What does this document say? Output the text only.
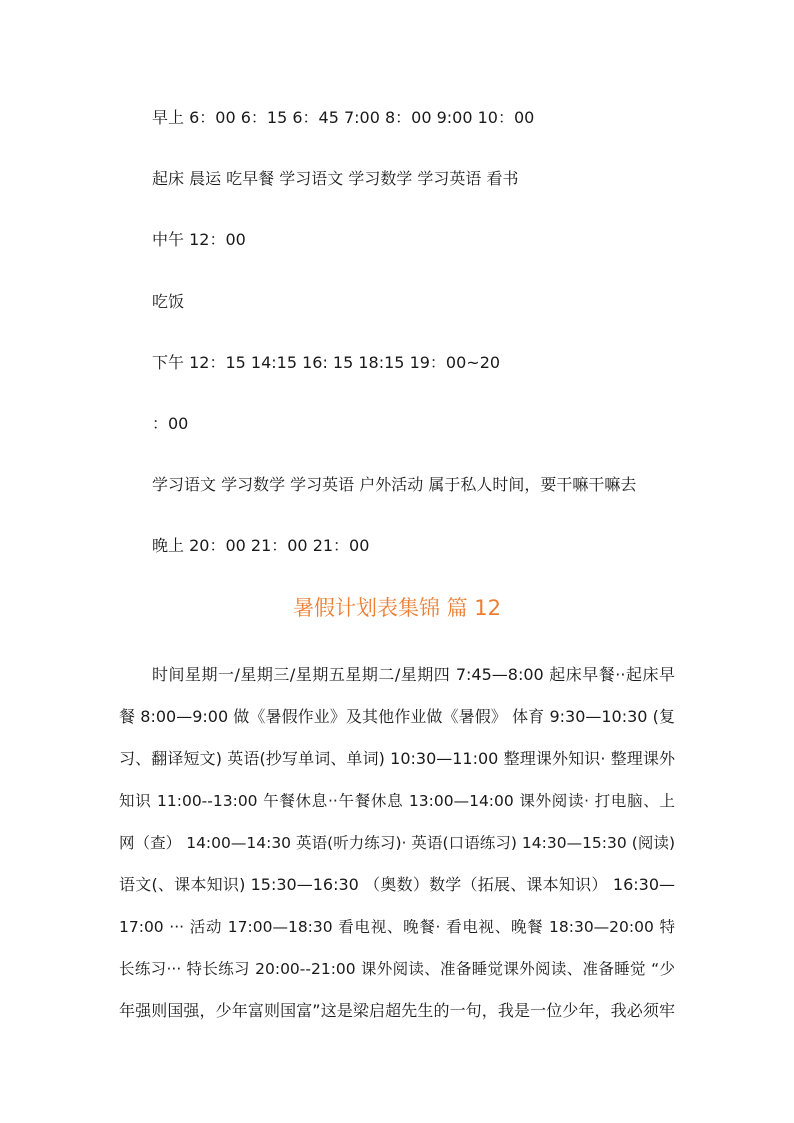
早上 6：00 6：15 6：45 7:00 8：00 9:00 10：00
起床 晨运 吃早餐 学习语文 学习数学 学习英语 看书
中午 12：00
吃饭
下午 12：15 14:15 16: 15 18:15 19：00~20
：00
学习语文 学习数学 学习英语 户外活动 属于私人时间，要干嘛干嘛去
晚上 20：00 21：00 21：00
暑假计划表集锦 篇 12
时间星期一/星期三/星期五星期二/星期四 7:45—8:00 起床早餐··起床早
餐 8:00—9:00 做《暑假作业》及其他作业做《暑假》 体育 9:30—10:30 (复
习、翻译短文) 英语(抄写单词、单词) 10:30—11:00 整理课外知识· 整理课外
知识 11:00--13:00 午餐休息··午餐休息 13:00—14:00 课外阅读· 打电脑、上
网（查） 14:00—14:30 英语(听力练习)· 英语(口语练习) 14:30—15:30 (阅读)
语文(、课本知识) 15:30—16:30 （奥数）数学（拓展、课本知识） 16:30—
17:00 ··· 活动 17:00—18:30 看电视、晚餐· 看电视、晚餐 18:30—20:00 特
长练习··· 特长练习 20:00--21:00 课外阅读、准备睡觉课外阅读、准备睡觉 “少
年强则国强，少年富则国富”这是梁启超先生的一句，我是一位少年，我必须牢
